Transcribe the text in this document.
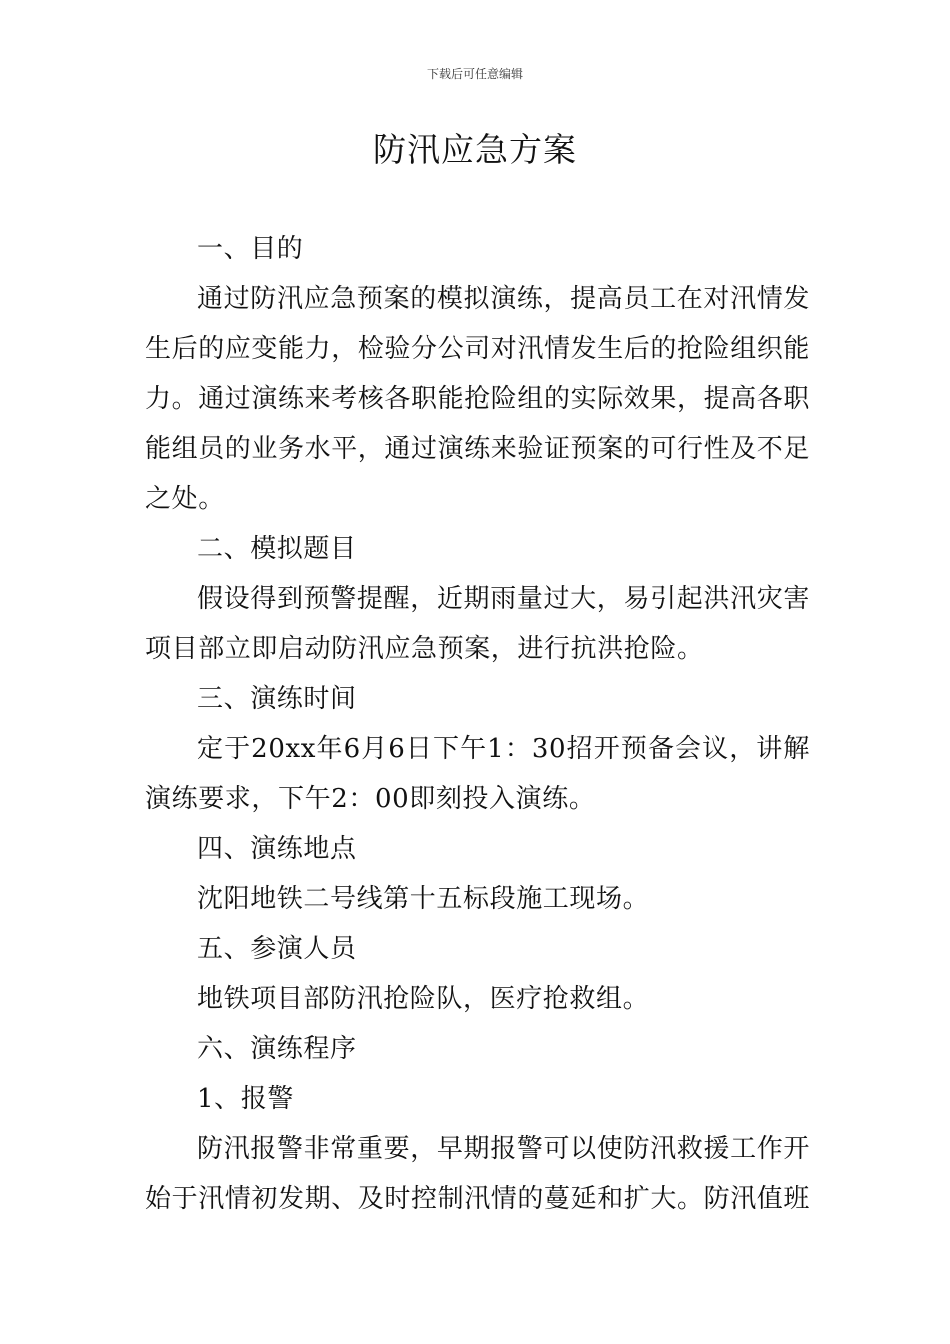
下载后可任意编辑
防汛应急方案

一、目的

通过防汛应急预案的模拟演练，提高员工在对汛情发生后的应变能力，检验分公司对汛情发生后的抢险组织能力。通过演练来考核各职能抢险组的实际效果，提高各职能组员的业务水平，通过演练来验证预案的可行性及不足之处。

二、模拟题目

假设得到预警提醒，近期雨量过大，易引起洪汛灾害项目部立即启动防汛应急预案，进行抗洪抢险。

三、演练时间

定于20xx年6月6日下午1：30招开预备会议，讲解演练要求，下午2：00即刻投入演练。

四、演练地点

沈阳地铁二号线第十五标段施工现场。

五、参演人员

地铁项目部防汛抢险队，医疗抢救组。

六、演练程序

1、报警

防汛报警非常重要，早期报警可以使防汛救援工作开始于汛情初发期、及时控制汛情的蔓延和扩大。防汛值班
